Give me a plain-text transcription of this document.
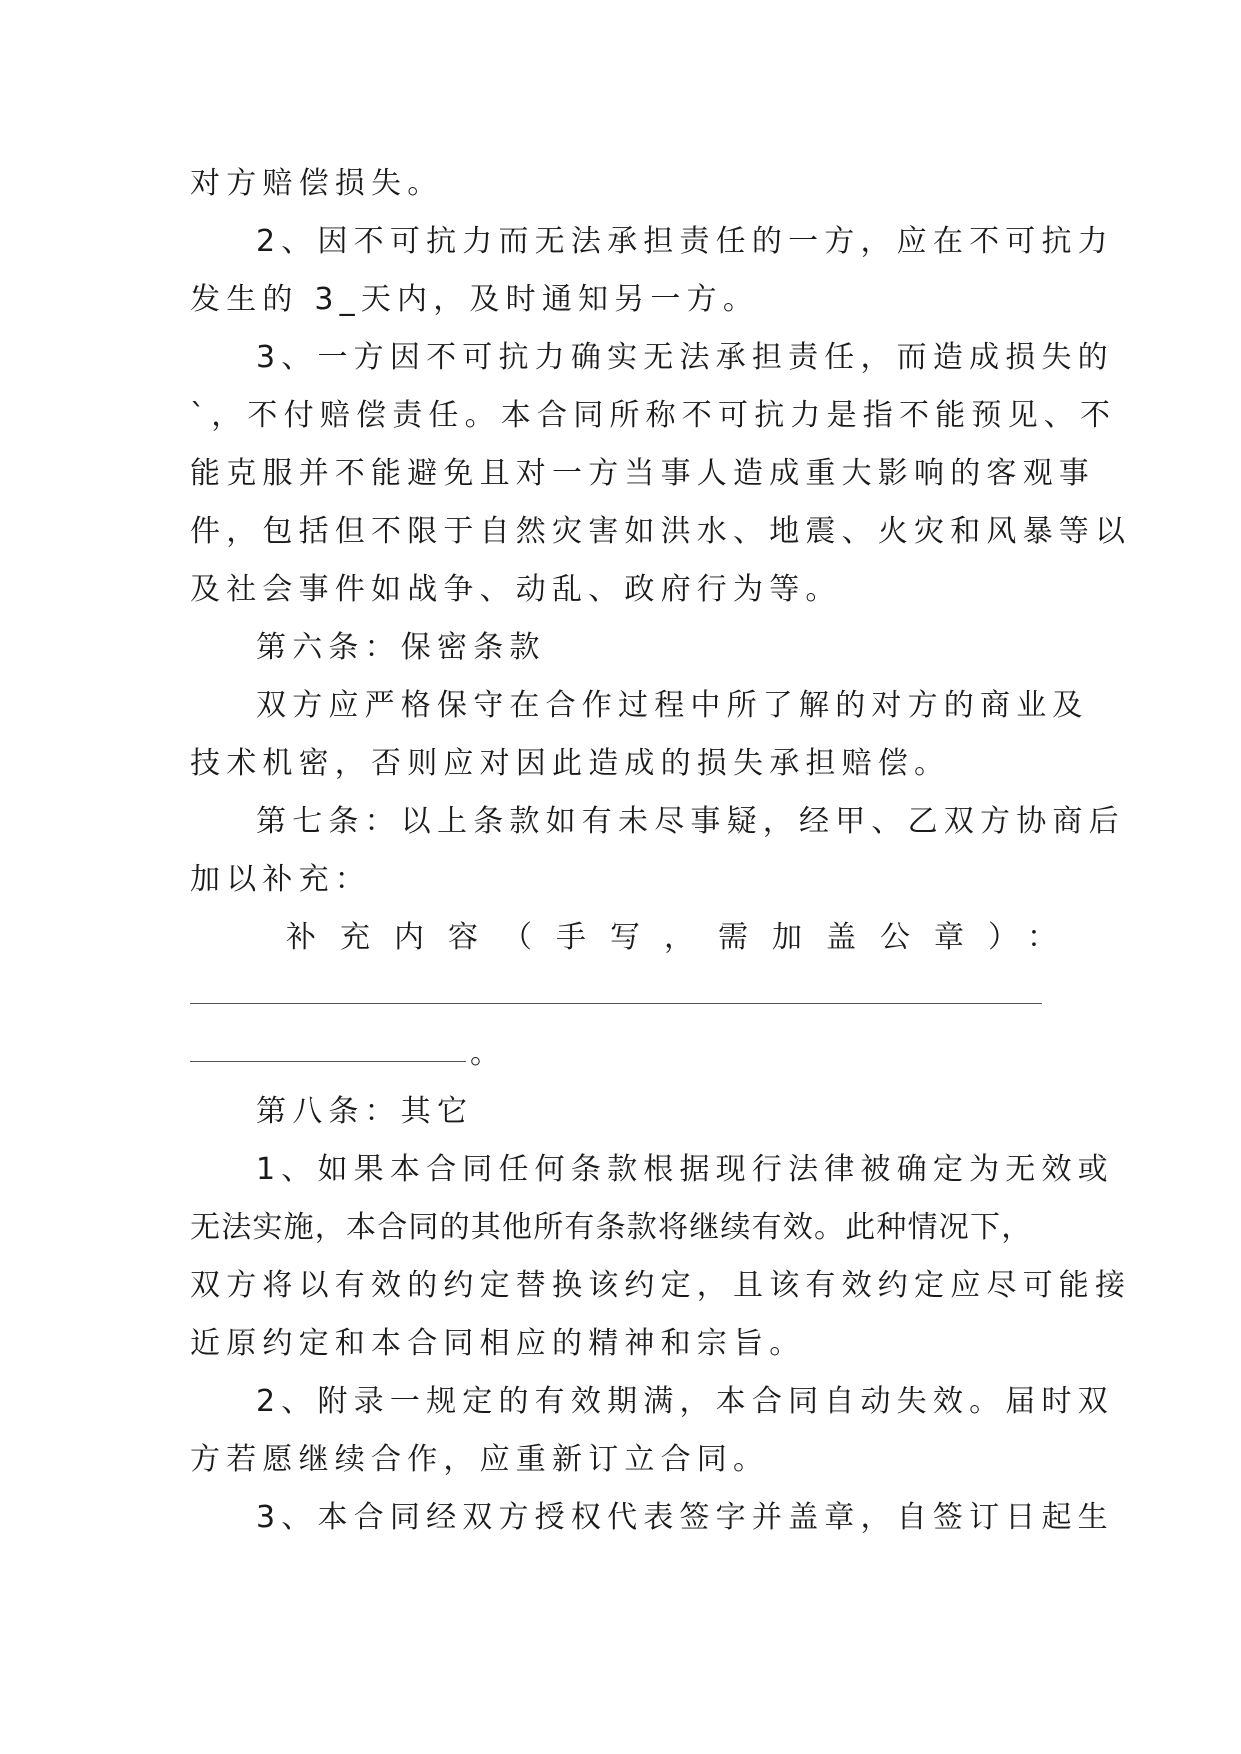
对方赔偿损失。
2、因不可抗力而无法承担责任的一方，应在不可抗力
发生的 3_天内，及时通知另一方。
3、一方因不可抗力确实无法承担责任，而造成损失的
`，不付赔偿责任。本合同所称不可抗力是指不能预见、不
能克服并不能避免且对一方当事人造成重大影响的客观事
件，包括但不限于自然灾害如洪水、地震、火灾和风暴等以
及社会事件如战争、动乱、政府行为等。
第六条：保密条款
双方应严格保守在合作过程中所了解的对方的商业及
技术机密，否则应对因此造成的损失承担赔偿。
第七条：以上条款如有未尽事疑，经甲、乙双方协商后
加以补充：
补充内容（手写，需加盖公章）：
。
第八条：其它
1、如果本合同任何条款根据现行法律被确定为无效或
无法实施，本合同的其他所有条款将继续有效。此种情况下，
双方将以有效的约定替换该约定，且该有效约定应尽可能接
近原约定和本合同相应的精神和宗旨。
2、附录一规定的有效期满，本合同自动失效。届时双
方若愿继续合作，应重新订立合同。
3、本合同经双方授权代表签字并盖章，自签订日起生
